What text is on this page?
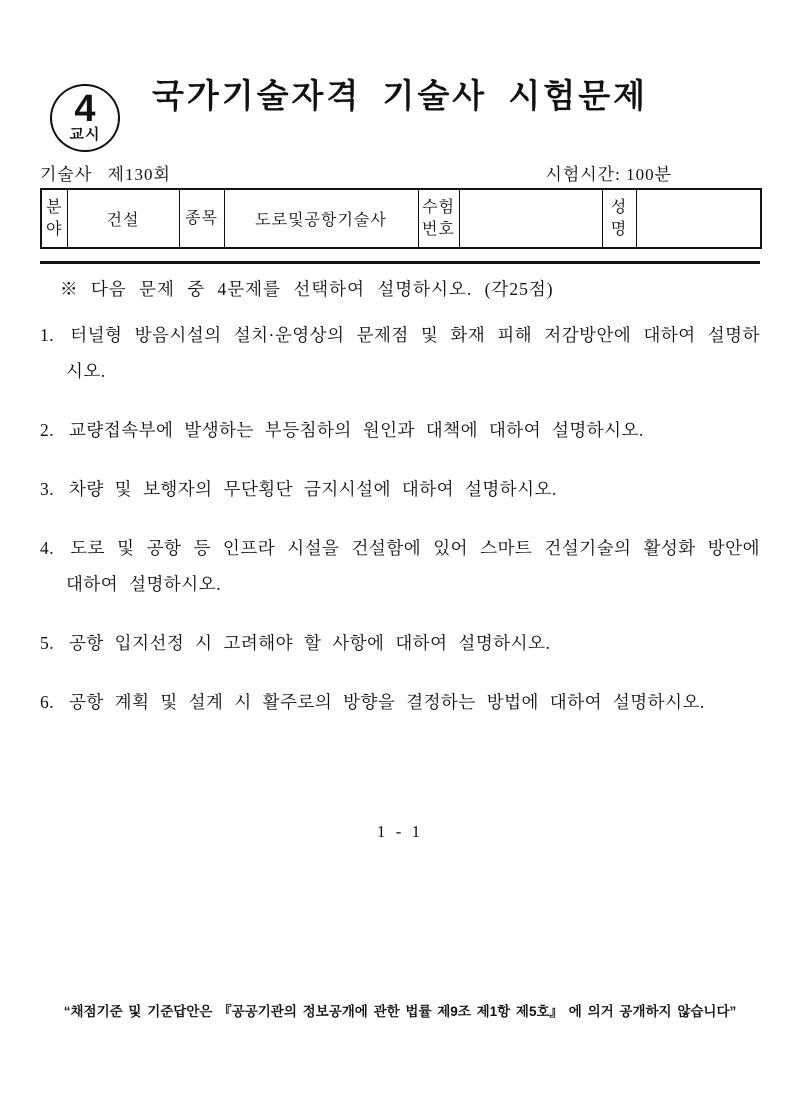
4
교시
국가기술자격 기술사 시험문제
기술사 제130회	시험시간: 100분
분야	건설	종목	도로및공항기술사	수험번호		성명	
※ 다음 문제 중 4문제를 선택하여 설명하시오. (각25점)
1. 터널형 방음시설의 설치·운영상의 문제점 및 화재 피해 저감방안에 대하여 설명하시오.
2. 교량접속부에 발생하는 부등침하의 원인과 대책에 대하여 설명하시오.
3. 차량 및 보행자의 무단횡단 금지시설에 대하여 설명하시오.
4. 도로 및 공항 등 인프라 시설을 건설함에 있어 스마트 건설기술의 활성화 방안에 대하여 설명하시오.
5. 공항 입지선정 시 고려해야 할 사항에 대하여 설명하시오.
6. 공항 계획 및 설계 시 활주로의 방향을 결정하는 방법에 대하여 설명하시오.
1 - 1
“채점기준 및 기준답안은 『공공기관의 정보공개에 관한 법률 제9조 제1항 제5호』 에 의거 공개하지 않습니다”
